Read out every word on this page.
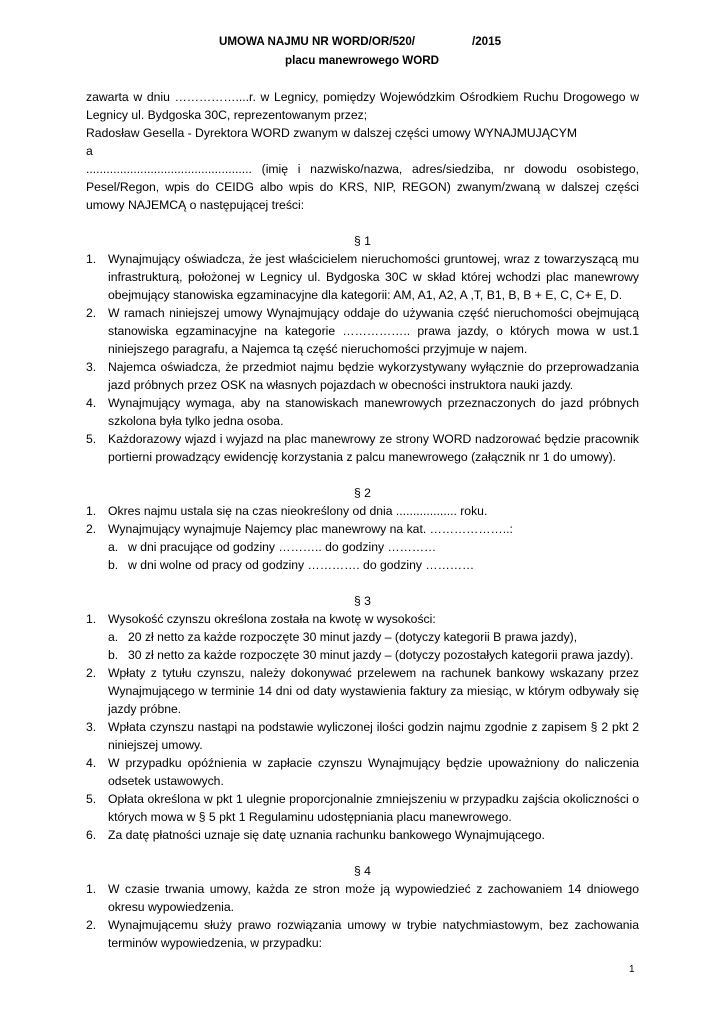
UMOWA NAJMU NR WORD/OR/520/	/2015
placu manewrowego WORD

zawarta w dniu ……………....r. w Legnicy, pomiędzy Wojewódzkim Ośrodkiem Ruchu Drogowego w Legnicy ul. Bydgoska 30C, reprezentowanym przez;

Radosław Gesella - Dyrektora WORD zwanym w dalszej części umowy WYNAJMUJĄCYM

a

................................................. (imię i nazwisko/nazwa, adres/siedziba, nr dowodu osobistego, Pesel/Regon, wpis do CEIDG albo wpis do KRS, NIP, REGON) zwanym/zwaną w dalszej części umowy NAJEMCĄ o następującej treści:

§ 1

1. Wynajmujący oświadcza, że jest właścicielem nieruchomości gruntowej, wraz z towarzyszącą mu infrastrukturą, położonej w Legnicy ul. Bydgoska 30C w skład której wchodzi plac manewrowy obejmujący stanowiska egzaminacyjne dla kategorii: AM, A1, A2, A ,T, B1, B, B + E, C, C+ E, D.
2. W ramach niniejszej umowy Wynajmujący oddaje do używania część nieruchomości obejmującą stanowiska egzaminacyjne na kategorie …………….. prawa jazdy, o których mowa w ust.1 niniejszego paragrafu, a Najemca tą część nieruchomości przyjmuje w najem.
3. Najemca oświadcza, że przedmiot najmu będzie wykorzystywany wyłącznie do przeprowadzania jazd próbnych przez OSK na własnych pojazdach w obecności instruktora nauki jazdy.
4. Wynajmujący wymaga, aby na stanowiskach manewrowych przeznaczonych do jazd próbnych szkolona była tylko jedna osoba.
5. Każdorazowy wjazd i wyjazd na plac manewrowy ze strony WORD nadzorować będzie pracownik portierni prowadzący ewidencję korzystania z palcu manewrowego (załącznik nr 1 do umowy).

§ 2

1. Okres najmu ustala się na czas nieokreślony od dnia .................. roku.
2. Wynajmujący wynajmuje Najemcy plac manewrowy na kat. ………………..:
a. w dni pracujące od godziny ……….. do godziny …………
b. w dni wolne od pracy od godziny …………. do godziny …………

§ 3

1. Wysokość czynszu określona została na kwotę w wysokości:
a. 20 zł netto za każde rozpoczęte 30 minut jazdy – (dotyczy kategorii B prawa jazdy),
b. 30 zł netto za każde rozpoczęte 30 minut jazdy – (dotyczy pozostałych kategorii prawa jazdy).
2. Wpłaty z tytułu czynszu, należy dokonywać przelewem na rachunek bankowy wskazany przez Wynajmującego w terminie 14 dni od daty wystawienia faktury za miesiąc, w którym odbywały się jazdy próbne.
3. Wpłata czynszu nastąpi na podstawie wyliczonej ilości godzin najmu zgodnie z zapisem § 2 pkt 2 niniejszej umowy.
4. W przypadku opóźnienia w zapłacie czynszu Wynajmujący będzie upoważniony do naliczenia odsetek ustawowych.
5. Opłata określona w pkt 1 ulegnie proporcjonalnie zmniejszeniu w przypadku zajścia okoliczności o których mowa w § 5 pkt 1 Regulaminu udostępniania placu manewrowego.
6. Za datę płatności uznaje się datę uznania rachunku bankowego Wynajmującego.

§ 4

1. W czasie trwania umowy, każda ze stron może ją wypowiedzieć z zachowaniem 14 dniowego okresu wypowiedzenia.
2. Wynajmującemu służy prawo rozwiązania umowy w trybie natychmiastowym, bez zachowania terminów wypowiedzenia, w przypadku:
1
